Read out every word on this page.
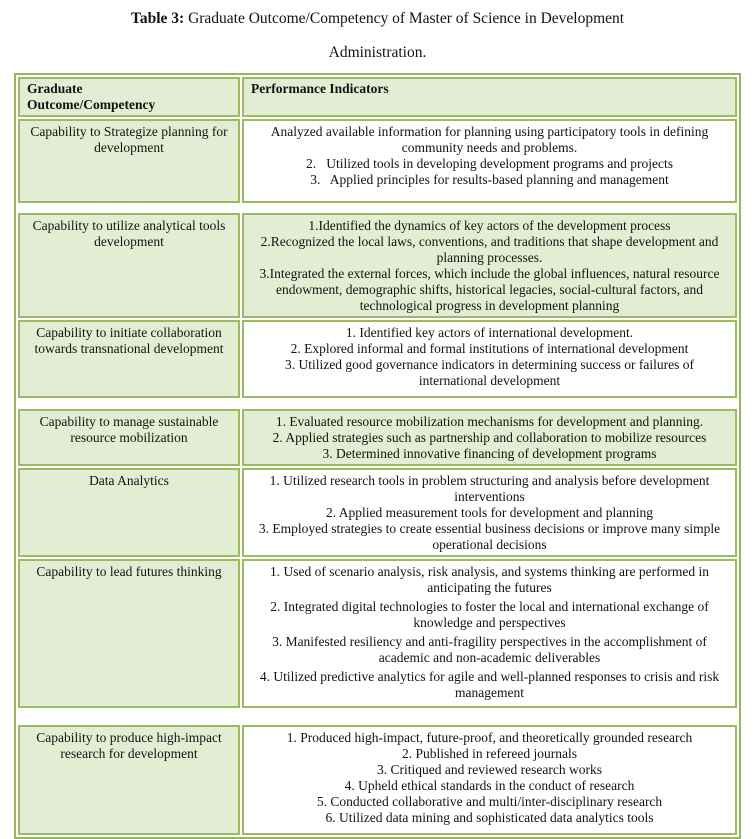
Table 3: Graduate Outcome/Competency of Master of Science in Development
Administration.
Graduate Outcome/Competency
Performance Indicators
Capability to Strategize planning for development
Analyzed available information for planning using participatory tools in defining community needs and problems.
2.  Utilized tools in developing development programs and projects
3.  Applied principles for results-based planning and management
Capability to utilize analytical tools development
1.Identified the dynamics of key actors of the development process
2.Recognized the local laws, conventions, and traditions that shape development and planning processes.
3.Integrated the external forces, which include the global influences, natural resource endowment, demographic shifts, historical legacies, social-cultural factors, and technological progress in development planning
Capability to initiate collaboration towards transnational development
1. Identified key actors of international development.
2. Explored informal and formal institutions of international development
3. Utilized good governance indicators in determining success or failures of international development
Capability to manage sustainable resource mobilization
1. Evaluated resource mobilization mechanisms for development and planning.
2. Applied strategies such as partnership and collaboration to mobilize resources
3. Determined innovative financing of development programs
Data Analytics	1. Utilized research tools in problem structuring and analysis before development interventions
2. Applied measurement tools for development and planning
3. Employed strategies to create essential business decisions or improve many simple operational decisions
Capability to lead futures thinking	1. Used of scenario analysis, risk analysis, and systems thinking are performed in anticipating the futures
2. Integrated digital technologies to foster the local and international exchange of knowledge and perspectives
3. Manifested resiliency and anti-fragility perspectives in the accomplishment of academic and non-academic deliverables
4. Utilized predictive analytics for agile and well-planned responses to crisis and risk management
Capability to produce high-impact research for development
1. Produced high-impact, future-proof, and theoretically grounded research
2. Published in refereed journals
3. Critiqued and reviewed research works
4. Upheld ethical standards in the conduct of research
5. Conducted collaborative and multi/inter-disciplinary research
6. Utilized data mining and sophisticated data analytics tools
